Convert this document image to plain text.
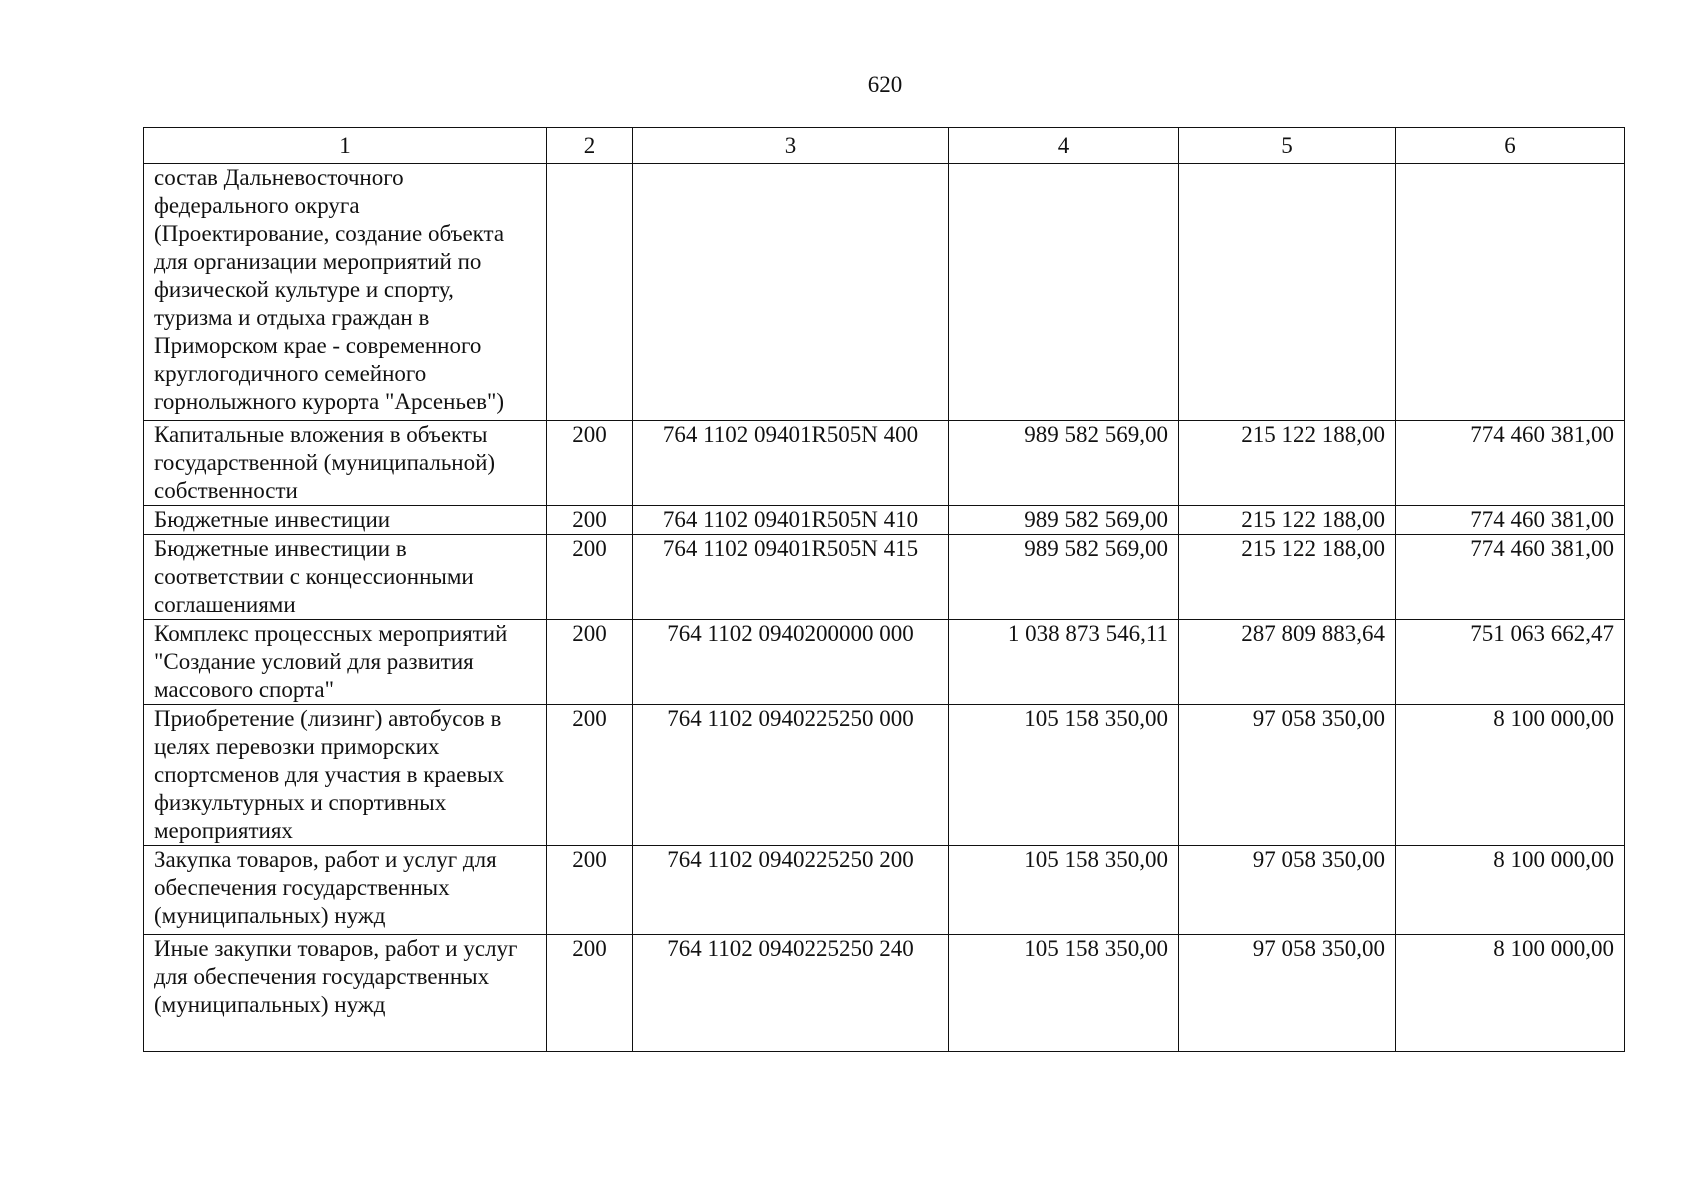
620
1	2	3	4	5	6
состав Дальневосточного федерального округа (Проектирование, создание объекта для организации мероприятий по физической культуре и спорту, туризма и отдыха граждан в Приморском крае - современного круглогодичного семейного горнолыжного курорта "Арсеньев")					
Капитальные вложения в объекты государственной (муниципальной) собственности	200	764 1102 09401R505N 400	989 582 569,00	215 122 188,00	774 460 381,00
Бюджетные инвестиции	200	764 1102 09401R505N 410	989 582 569,00	215 122 188,00	774 460 381,00
Бюджетные инвестиции в соответствии с концессионными соглашениями	200	764 1102 09401R505N 415	989 582 569,00	215 122 188,00	774 460 381,00
Комплекс процессных мероприятий "Создание условий для развития массового спорта"	200	764 1102 0940200000 000	1 038 873 546,11	287 809 883,64	751 063 662,47
Приобретение (лизинг) автобусов в целях перевозки приморских спортсменов для участия в краевых физкультурных и спортивных мероприятиях	200	764 1102 0940225250 000	105 158 350,00	97 058 350,00	8 100 000,00
Закупка товаров, работ и услуг для обеспечения государственных (муниципальных) нужд	200	764 1102 0940225250 200	105 158 350,00	97 058 350,00	8 100 000,00
Иные закупки товаров, работ и услуг для обеспечения государственных (муниципальных) нужд	200	764 1102 0940225250 240	105 158 350,00	97 058 350,00	8 100 000,00
